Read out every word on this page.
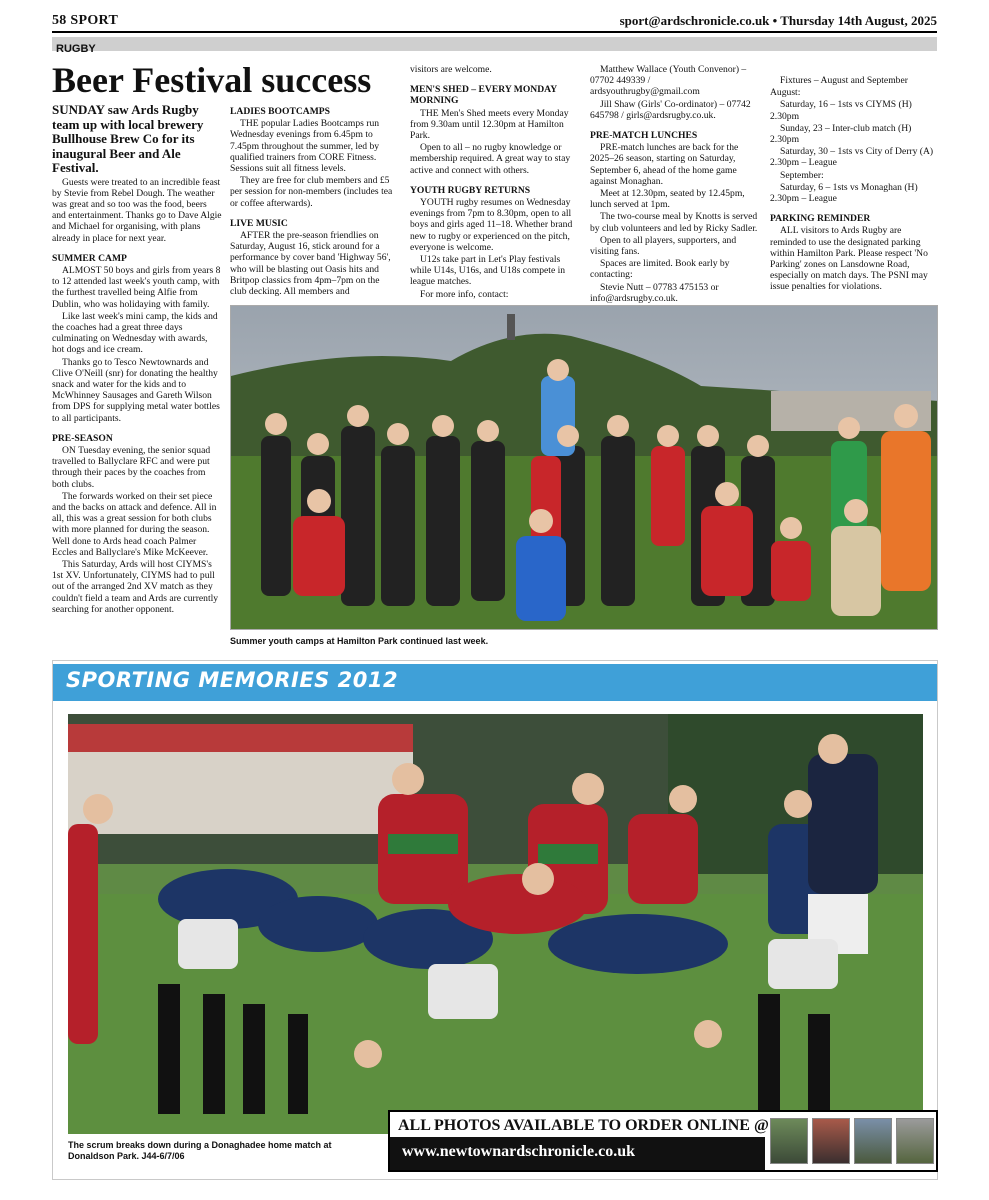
58 SPORT	sport@ardschronicle.co.uk • Thursday 14th August, 2025
RUGBY
Beer Festival success

SUNDAY saw Ards Rugby team up with local brewery Bullhouse Brew Co for its inaugural Beer and Ale Festival.

Guests were treated to an incredible feast by Stevie from Rebel Dough. The weather was great and so too was the food, beers and entertainment. Thanks go to Dave Algie and Michael for organising, with plans already in place for next year.

SUMMER CAMP

ALMOST 50 boys and girls from years 8 to 12 attended last week's youth camp, with the furthest travelled being Alfie from Dublin, who was holidaying with family.

Like last week's mini camp, the kids and the coaches had a great three days culminating on Wednesday with awards, hot dogs and ice cream.

Thanks go to Tesco Newtownards and Clive O'Neill (snr) for donating the healthy snack and water for the kids and to McWhinney Sausages and Gareth Wilson from DPS for supplying metal water bottles to all participants.

PRE-SEASON

ON Tuesday evening, the senior squad travelled to Ballyclare RFC and were put through their paces by the coaches from both clubs.

The forwards worked on their set piece and the backs on attack and defence. All in all, this was a great session for both clubs with more planned for during the season. Well done to Ards head coach Palmer Eccles and Ballyclare's Mike McKeever.

This Saturday, Ards will host CIYMS's 1st XV. Unfortunately, CIYMS had to pull out of the arranged 2nd XV match as they couldn't field a team and Ards are currently searching for another opponent.

LADIES BOOTCAMPS

THE popular Ladies Bootcamps run Wednesday evenings from 6.45pm to 7.45pm throughout the summer, led by qualified trainers from CORE Fitness. Sessions suit all fitness levels.

They are free for club members and £5 per session for non-members (includes tea or coffee afterwards).

LIVE MUSIC

AFTER the pre-season friendlies on Saturday, August 16, stick around for a performance by cover band 'Highway 56', who will be blasting out Oasis hits and Britpop classics from 4pm–7pm on the club decking. All members and

visitors are welcome.

MEN'S SHED – EVERY MONDAY MORNING

THE Men's Shed meets every Monday from 9.30am until 12.30pm at Hamilton Park.

Open to all – no rugby knowledge or membership required. A great way to stay active and connect with others.

YOUTH RUGBY RETURNS

YOUTH rugby resumes on Wednesday evenings from 7pm to 8.30pm, open to all boys and girls aged 11–18. Whether brand new to rugby or experienced on the pitch, everyone is welcome.

U12s take part in Let's Play festivals while U14s, U16s, and U18s compete in league matches.

For more info, contact:

Matthew Wallace (Youth Convenor) – 07702 449339 / ardsyouthrugby@gmail.com

Jill Shaw (Girls' Co-ordinator) – 07742 645798 / girls@ardsrugby.co.uk.

PRE-MATCH LUNCHES

PRE-match lunches are back for the 2025–26 season, starting on Saturday, September 6, ahead of the home game against Monaghan.

Meet at 12.30pm, seated by 12.45pm, lunch served at 1pm.

The two-course meal by Knotts is served by club volunteers and led by Ricky Sadler.

Open to all players, supporters, and visiting fans.

Spaces are limited. Book early by contacting:

Stevie Nutt – 07783 475153 or info@ardsrugby.co.uk.

Fixtures – August and September

August:

Saturday, 16 – 1sts vs CIYMS (H) 2.30pm

Sunday, 23 – Inter-club match (H) 2.30pm

Saturday, 30 – 1sts vs City of Derry (A) 2.30pm – League

September:

Saturday, 6 – 1sts vs Monaghan (H) 2.30pm – League

PARKING REMINDER

ALL visitors to Ards Rugby are reminded to use the designated parking within Hamilton Park. Please respect 'No Parking' zones on Lansdowne Road, especially on match days. The PSNI may issue penalties for violations.

Summer youth camps at Hamilton Park continued last week.
SPORTING MEMORIES 2012
The scrum breaks down during a Donaghadee home match at Donaldson Park. J44-6/7/06
ALL PHOTOS AVAILABLE TO ORDER ONLINE @
www.newtownardschronicle.co.uk
